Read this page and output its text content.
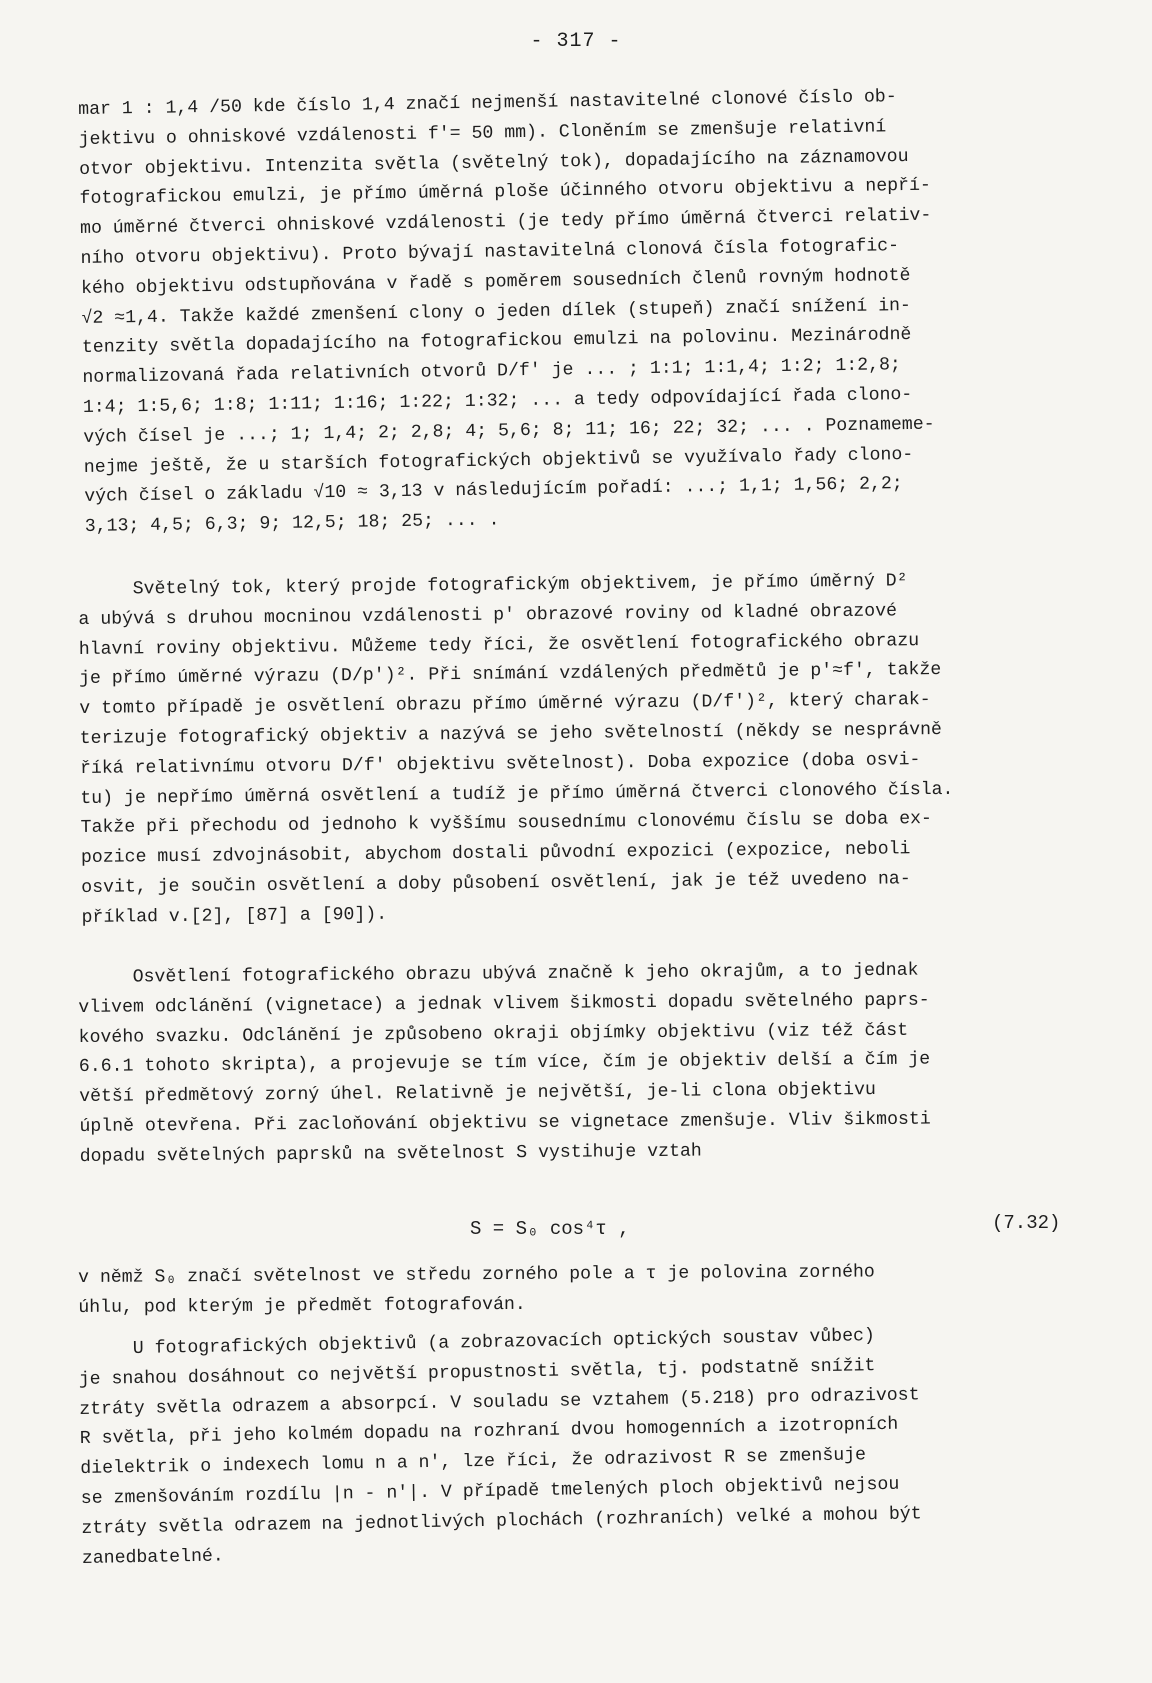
- 317 -
mar 1 : 1,4 /50 kde číslo 1,4 značí nejmenší nastavitelné clonové číslo ob-
jektivu o ohniskové vzdálenosti f'= 50 mm). Cloněním se zmenšuje relativní
otvor objektivu. Intenzita světla (světelný tok), dopadajícího na záznamovou
fotografickou emulzi, je přímo úměrná ploše účinného otvoru objektivu a nepří-
mo úměrné čtverci ohniskové vzdálenosti (je tedy přímo úměrná čtverci relativ-
ního otvoru objektivu). Proto bývají nastavitelná clonová čísla fotografic-
kého objektivu odstupňována v řadě s poměrem sousedních členů rovným hodnotě
√2 ≈1,4. Takže každé zmenšení clony o jeden dílek (stupeň) značí snížení in-
tenzity světla dopadajícího na fotografickou emulzi na polovinu. Mezinárodně
normalizovaná řada relativních otvorů D/f' je ... ; 1:1; 1:1,4; 1:2; 1:2,8;
1:4; 1:5,6; 1:8; 1:11; 1:16; 1:22; 1:32; ... a tedy odpovídající řada clono-
vých čísel je ...; 1; 1,4; 2; 2,8; 4; 5,6; 8; 11; 16; 22; 32; ... . Poznameme-
nejme ještě, že u starších fotografických objektivů se využívalo řady clono-
vých čísel o základu √10 ≈ 3,13 v následujícím pořadí: ...; 1,1; 1,56; 2,2;
3,13; 4,5; 6,3; 9; 12,5; 18; 25; ... .
Světelný tok, který projde fotografickým objektivem, je přímo úměrný D²
a ubývá s druhou mocninou vzdálenosti p' obrazové roviny od kladné obrazové
hlavní roviny objektivu. Můžeme tedy říci, že osvětlení fotografického obrazu
je přímo úměrné výrazu (D/p')². Při snímání vzdálených předmětů je p'≈f', takže
v tomto případě je osvětlení obrazu přímo úměrné výrazu (D/f')², který charak-
terizuje fotografický objektiv a nazývá se jeho světelností (někdy se nesprávně
říká relativnímu otvoru D/f' objektivu světelnost). Doba expozice (doba osvi-
tu) je nepřímo úměrná osvětlení a tudíž je přímo úměrná čtverci clonového čísla.
Takže při přechodu od jednoho k vyššímu sousednímu clonovému číslu se doba ex-
pozice musí zdvojnásobit, abychom dostali původní expozici (expozice, neboli
osvit, je součin osvětlení a doby působení osvětlení, jak je též uvedeno na-
příklad v.[2], [87] a [90]).
Osvětlení fotografického obrazu ubývá značně k jeho okrajům, a to jednak
vlivem odclánění (vignetace) a jednak vlivem šikmosti dopadu světelného paprs-
kového svazku. Odclánění je způsobeno okraji objímky objektivu (viz též část
6.6.1 tohoto skripta), a projevuje se tím více, čím je objektiv delší a čím je
větší předmětový zorný úhel. Relativně je největší, je-li clona objektivu
úplně otevřena. Při zacloňování objektivu se vignetace zmenšuje. Vliv šikmosti
dopadu světelných paprsků na světelnost S vystihuje vztah
S = S₀ cos⁴τ ,	(7.32)
v němž S₀ značí světelnost ve středu zorného pole a τ je polovina zorného
úhlu, pod kterým je předmět fotografován.
U fotografických objektivů (a zobrazovacích optických soustav vůbec)
je snahou dosáhnout co největší propustnosti světla, tj. podstatně snížit
ztráty světla odrazem a absorpcí. V souladu se vztahem (5.218) pro odrazivost
R světla, při jeho kolmém dopadu na rozhraní dvou homogenních a izotropních
dielektrik o indexech lomu n a n', lze říci, že odrazivost R se zmenšuje
se zmenšováním rozdílu |n - n'|. V případě tmelených ploch objektivů nejsou
ztráty světla odrazem na jednotlivých plochách (rozhraních) velké a mohou být
zanedbatelné.
